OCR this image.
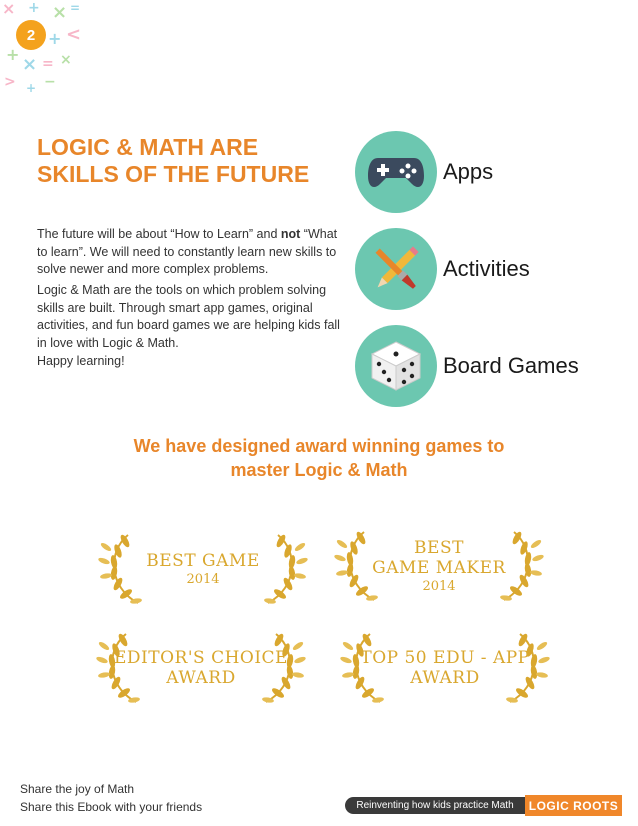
× + ×
<
+
+ × = ×
> + −
=
2
LOGIC & MATH ARE
SKILLS OF THE FUTURE

The future will be about “How to Learn” and not “What to learn”. We will need to constantly learn new skills to solve newer and more complex problems.

Logic & Math are the tools on which problem solving skills are built. Through smart app games, original activities, and fun board games we are helping kids fall in love with Logic & Math.

Happy learning!

Apps
Activities
Board Games
We have designed award winning games to
master Logic & Math
BEST GAME
2014
BEST
GAME MAKER
2014
EDITOR'S CHOICE
AWARD
TOP 50 EDU - APP
AWARD
Share the joy of Math
Share this Ebook with your friends	Reinventing how kids practice Math	LOGIC ROOTS
